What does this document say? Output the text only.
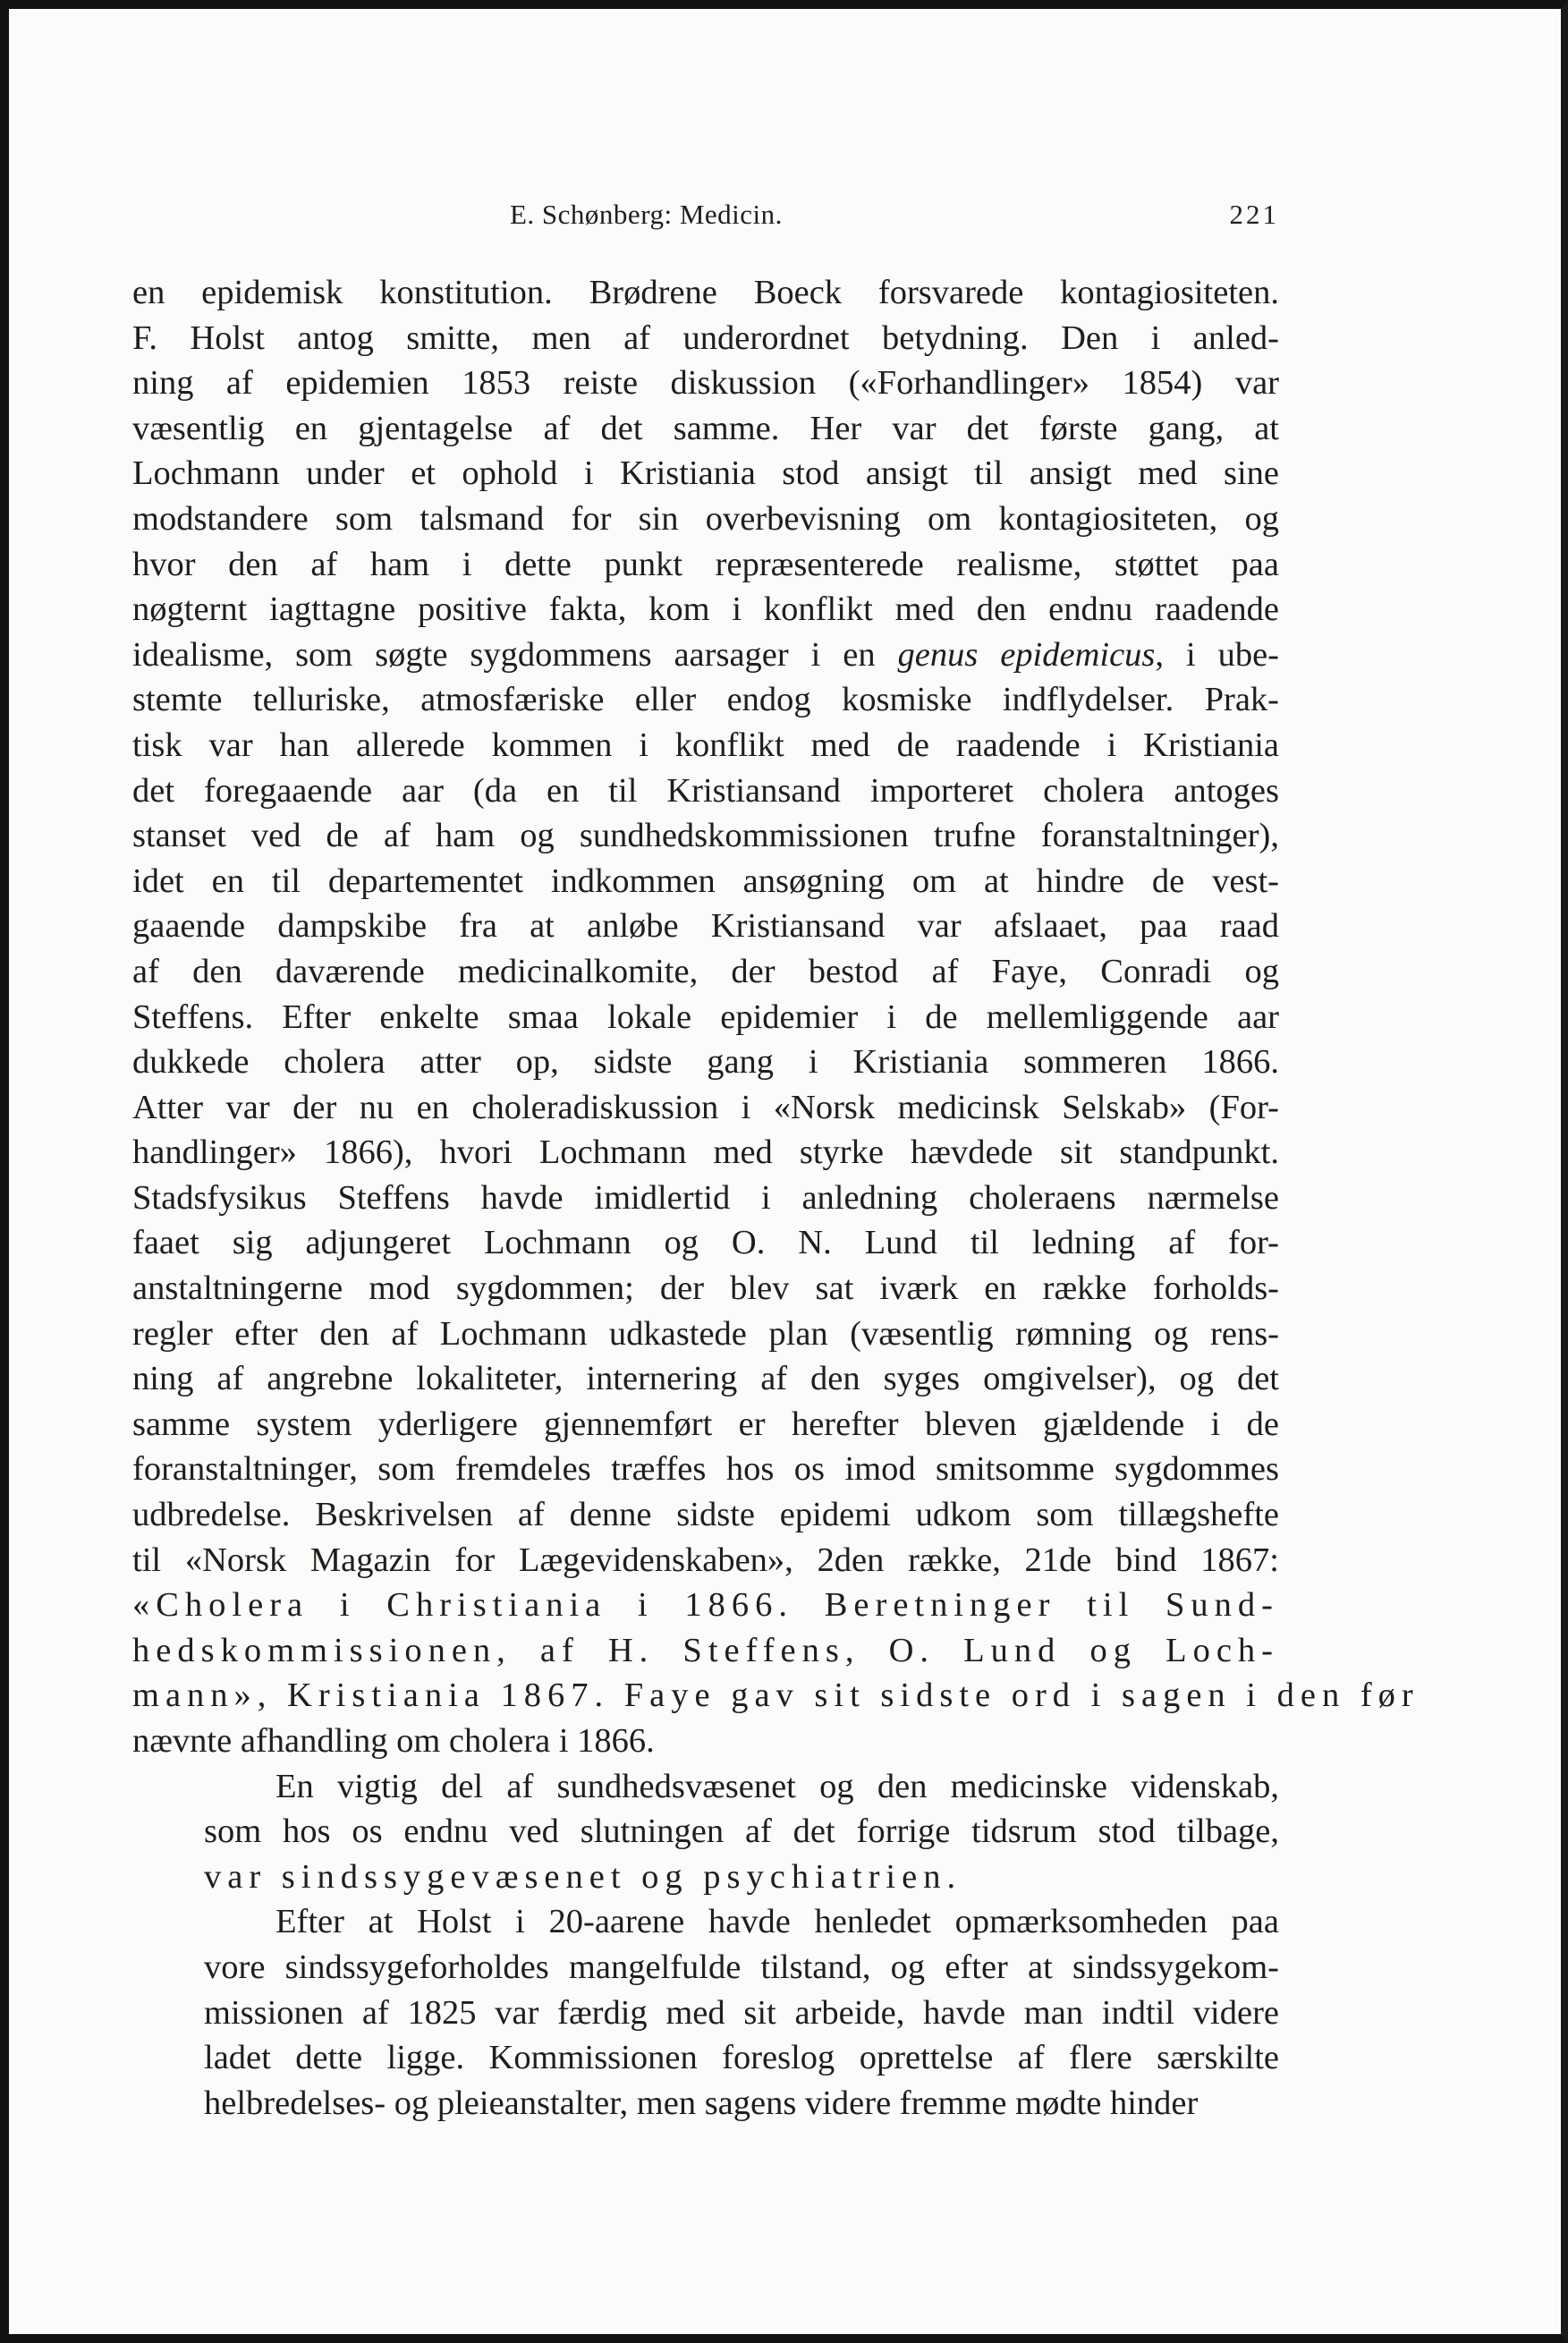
E. Schønberg: Medicin.	221

en epidemisk konstitution. Brødrene Boeck forsvarede kontagiositeten.
F. Holst antog smitte, men af underordnet betydning. Den i anled-
ning af epidemien 1853 reiste diskussion («Forhandlinger» 1854) var
væsentlig en gjentagelse af det samme. Her var det første gang, at
Lochmann under et ophold i Kristiania stod ansigt til ansigt med sine
modstandere som talsmand for sin overbevisning om kontagiositeten, og
hvor den af ham i dette punkt repræsenterede realisme, støttet paa
nøgternt iagttagne positive fakta, kom i konflikt med den endnu raadende
idealisme, som søgte sygdommens aarsager i en genus epidemicus, i ube-
stemte telluriske, atmosfæriske eller endog kosmiske indflydelser. Prak-
tisk var han allerede kommen i konflikt med de raadende i Kristiania
det foregaaende aar (da en til Kristiansand importeret cholera antoges
stanset ved de af ham og sundhedskommissionen trufne foranstaltninger),
idet en til departementet indkommen ansøgning om at hindre de vest-
gaaende dampskibe fra at anløbe Kristiansand var afslaaet, paa raad
af den daværende medicinalkomite, der bestod af Faye, Conradi og
Steffens. Efter enkelte smaa lokale epidemier i de mellemliggende aar
dukkede cholera atter op, sidste gang i Kristiania sommeren 1866.
Atter var der nu en choleradiskussion i «Norsk medicinsk Selskab» (For-
handlinger» 1866), hvori Lochmann med styrke hævdede sit standpunkt.
Stadsfysikus Steffens havde imidlertid i anledning choleraens nærmelse
faaet sig adjungeret Lochmann og O. N. Lund til ledning af for-
anstaltningerne mod sygdommen; der blev sat iværk en række forholds-
regler efter den af Lochmann udkastede plan (væsentlig rømning og rens-
ning af angrebne lokaliteter, internering af den syges omgivelser), og det
samme system yderligere gjennemført er herefter bleven gjældende i de
foranstaltninger, som fremdeles træffes hos os imod smitsomme sygdommes
udbredelse. Beskrivelsen af denne sidste epidemi udkom som tillægshefte
til «Norsk Magazin for Lægevidenskaben», 2den række, 21de bind 1867:
«Cholera i Christiania i 1866. Beretninger til Sund-
hedskommissionen, af H. Steffens, O. Lund og Loch-
mann», Kristiania 1867. Faye gav sit sidste ord i sagen i den før
nævnte afhandling om cholera i 1866.

En vigtig del af sundhedsvæsenet og den medicinske videnskab,
som hos os endnu ved slutningen af det forrige tidsrum stod tilbage,
var sindssygevæsenet og psychiatrien.

Efter at Holst i 20-aarene havde henledet opmærksomheden paa
vore sindssygeforholdes mangelfulde tilstand, og efter at sindssygekom-
missionen af 1825 var færdig med sit arbeide, havde man indtil videre
ladet dette ligge. Kommissionen foreslog oprettelse af flere særskilte
helbredelses- og pleieanstalter, men sagens videre fremme mødte hinder
